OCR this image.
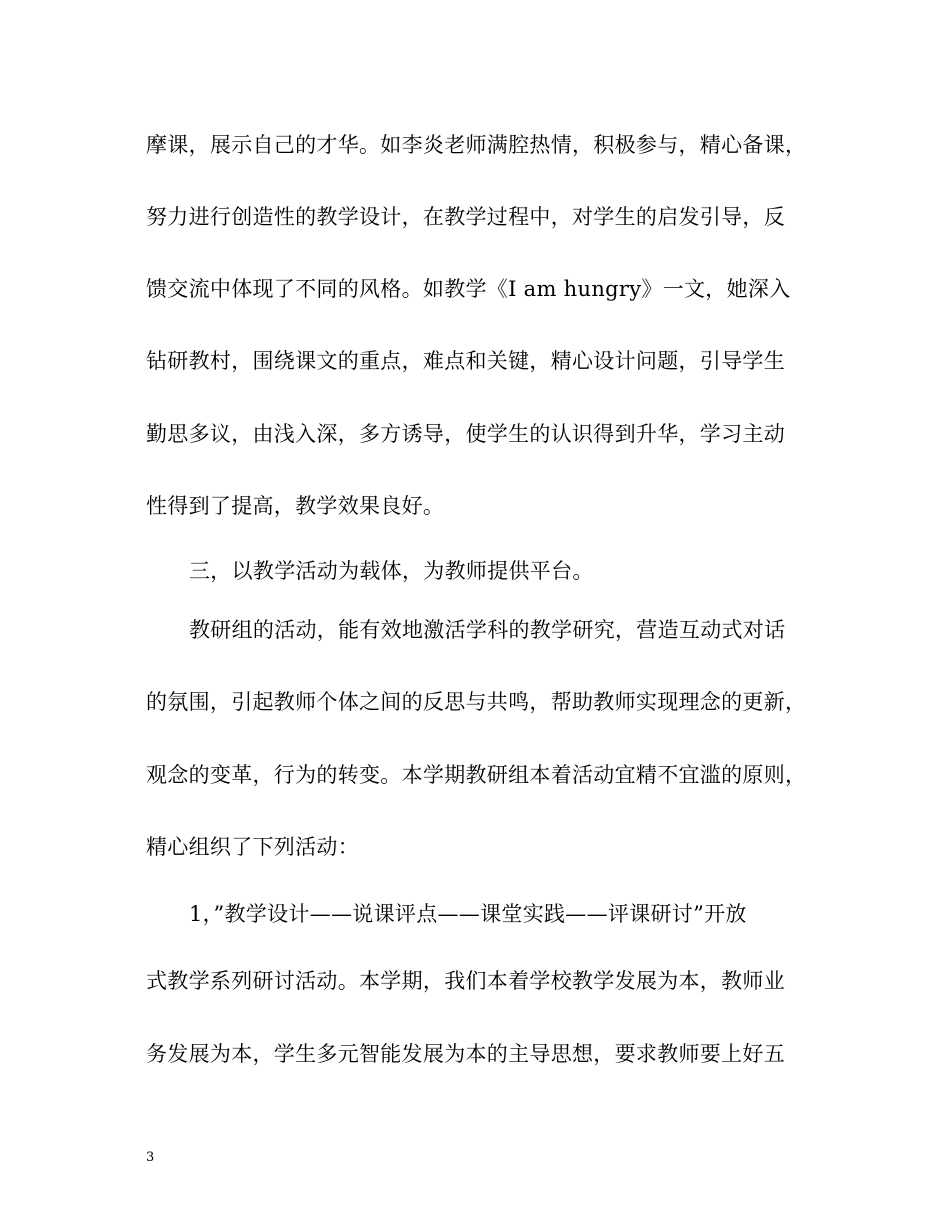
摩课，展示自己的才华。如李炎老师满腔热情，积极参与，精心备课，
努力进行创造性的教学设计，在教学过程中，对学生的启发引导，反
馈交流中体现了不同的风格。如教学《I am hungry》一文，她深入
钻研教村，围绕课文的重点，难点和关键，精心设计问题，引导学生
勤思多议，由浅入深，多方诱导，使学生的认识得到升华，学习主动
性得到了提高，教学效果良好。
三，以教学活动为载体，为教师提供平台。
教研组的活动，能有效地激活学科的教学研究，营造互动式对话
的氛围，引起教师个体之间的反思与共鸣，帮助教师实现理念的更新，
观念的变革，行为的转变。本学期教研组本着活动宜精不宜滥的原则，
精心组织了下列活动：
1，”教学设计——说课评点——课堂实践——评课研讨”开放
式教学系列研讨活动。本学期，我们本着学校教学发展为本，教师业
务发展为本，学生多元智能发展为本的主导思想，要求教师要上好五
3
